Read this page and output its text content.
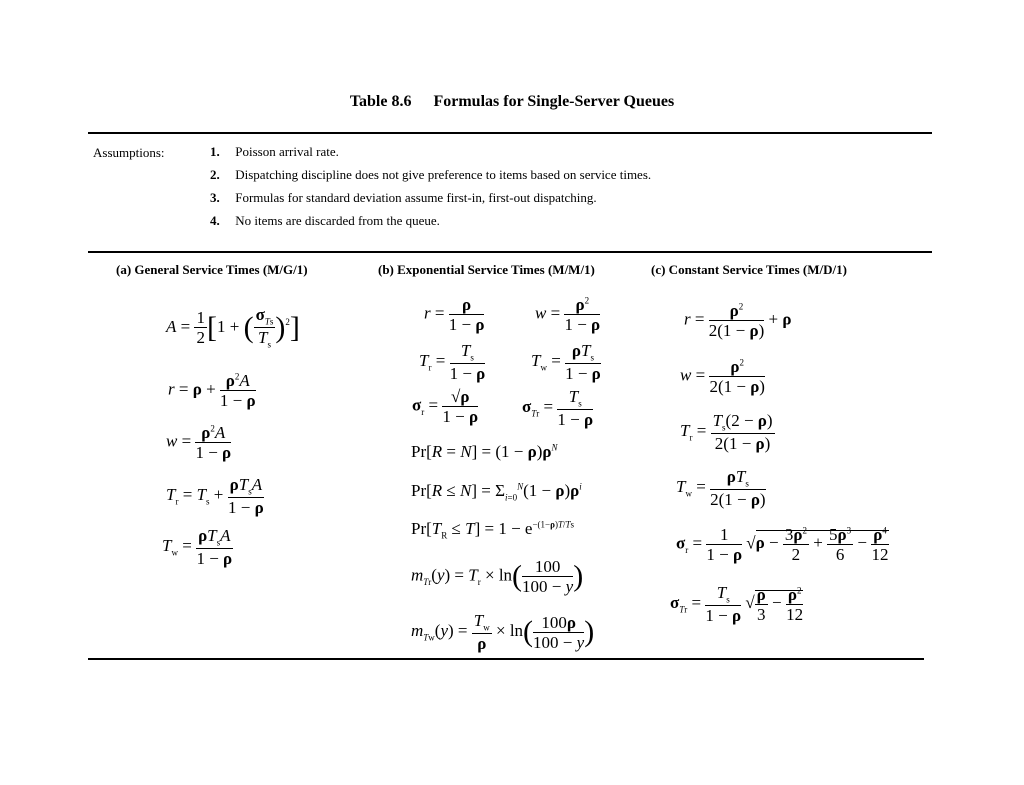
Table 8.6 Formulas for Single-Server Queues
Assumptions:	1. Poisson arrival rate.
2. Dispatching discipline does not give preference to items based on service times.
3. Formulas for standard deviation assume first-in, first-out dispatching.
4. No items are discarded from the queue.
(a) General Service Times (M/G/1)	(b) Exponential Service Times (M/M/1)	(c) Constant Service Times (M/D/1)
$A = \frac{1}{2} [1$ + ( $\frac{\sigma_{Ts}}{T_s} )^2$]
$r = \rho + \frac{\rho^2A}{1 - \rho}$
$w = \frac{\rho^2A}{1 - \rho}$
$T_r = T_s + \frac{\rho T_sA}{1 - \rho}$
$T_w = \frac{\rho T_sA}{1 - \rho}$
$r = \frac{\rho}{1 - \rho}$	$w = \frac{\rho^2}{1 - \rho}$
$T_r = \frac{T_s}{1 - \rho}$	$T_w = \frac{\rho T_s}{1 - \rho}$
$\sigma_r = \frac{√\rho}{1 - \rho}$	$\sigma_{Tr} = \frac{T_s}{1 - \rho}$
$Pr[R = N] = (1 - \rho)\rho^N$
$Pr[R \le N] = \Sigma_{i=0}^N(1 - \rho)\rho^i$
$Pr[T_R \le T] = 1 - e^{-(1-\rho)T/Ts}$
$m_{Tr}(y) = T_r \times \ln( \frac{100}{100 - y}$ )
$m_{Tw}(y) = \frac{T_w}{\rho} \times \ln( \frac{100\rho}{100 - y}$ )
$r = \frac{\rho^2}{2(1 - \rho)} + \rho$
$w = \frac{\rho^2}{2(1 - \rho)}$
$T_r = \frac{T_s(2 - \rho)}{2(1 - \rho)}$
$T_w = \frac{\rho T_s}{2(1 - \rho)}$
$\sigma_r = \frac{1}{1 - \rho} √\rho - \frac{3\rho^2}{2} + \frac{5\rho^3}{6} - \frac{\rho^4}{12}$
$\sigma_{Tr} = \frac{T_s}{1 - \rho}$ √ $\frac{\rho}{3} - \frac{\rho^2}{12}$
